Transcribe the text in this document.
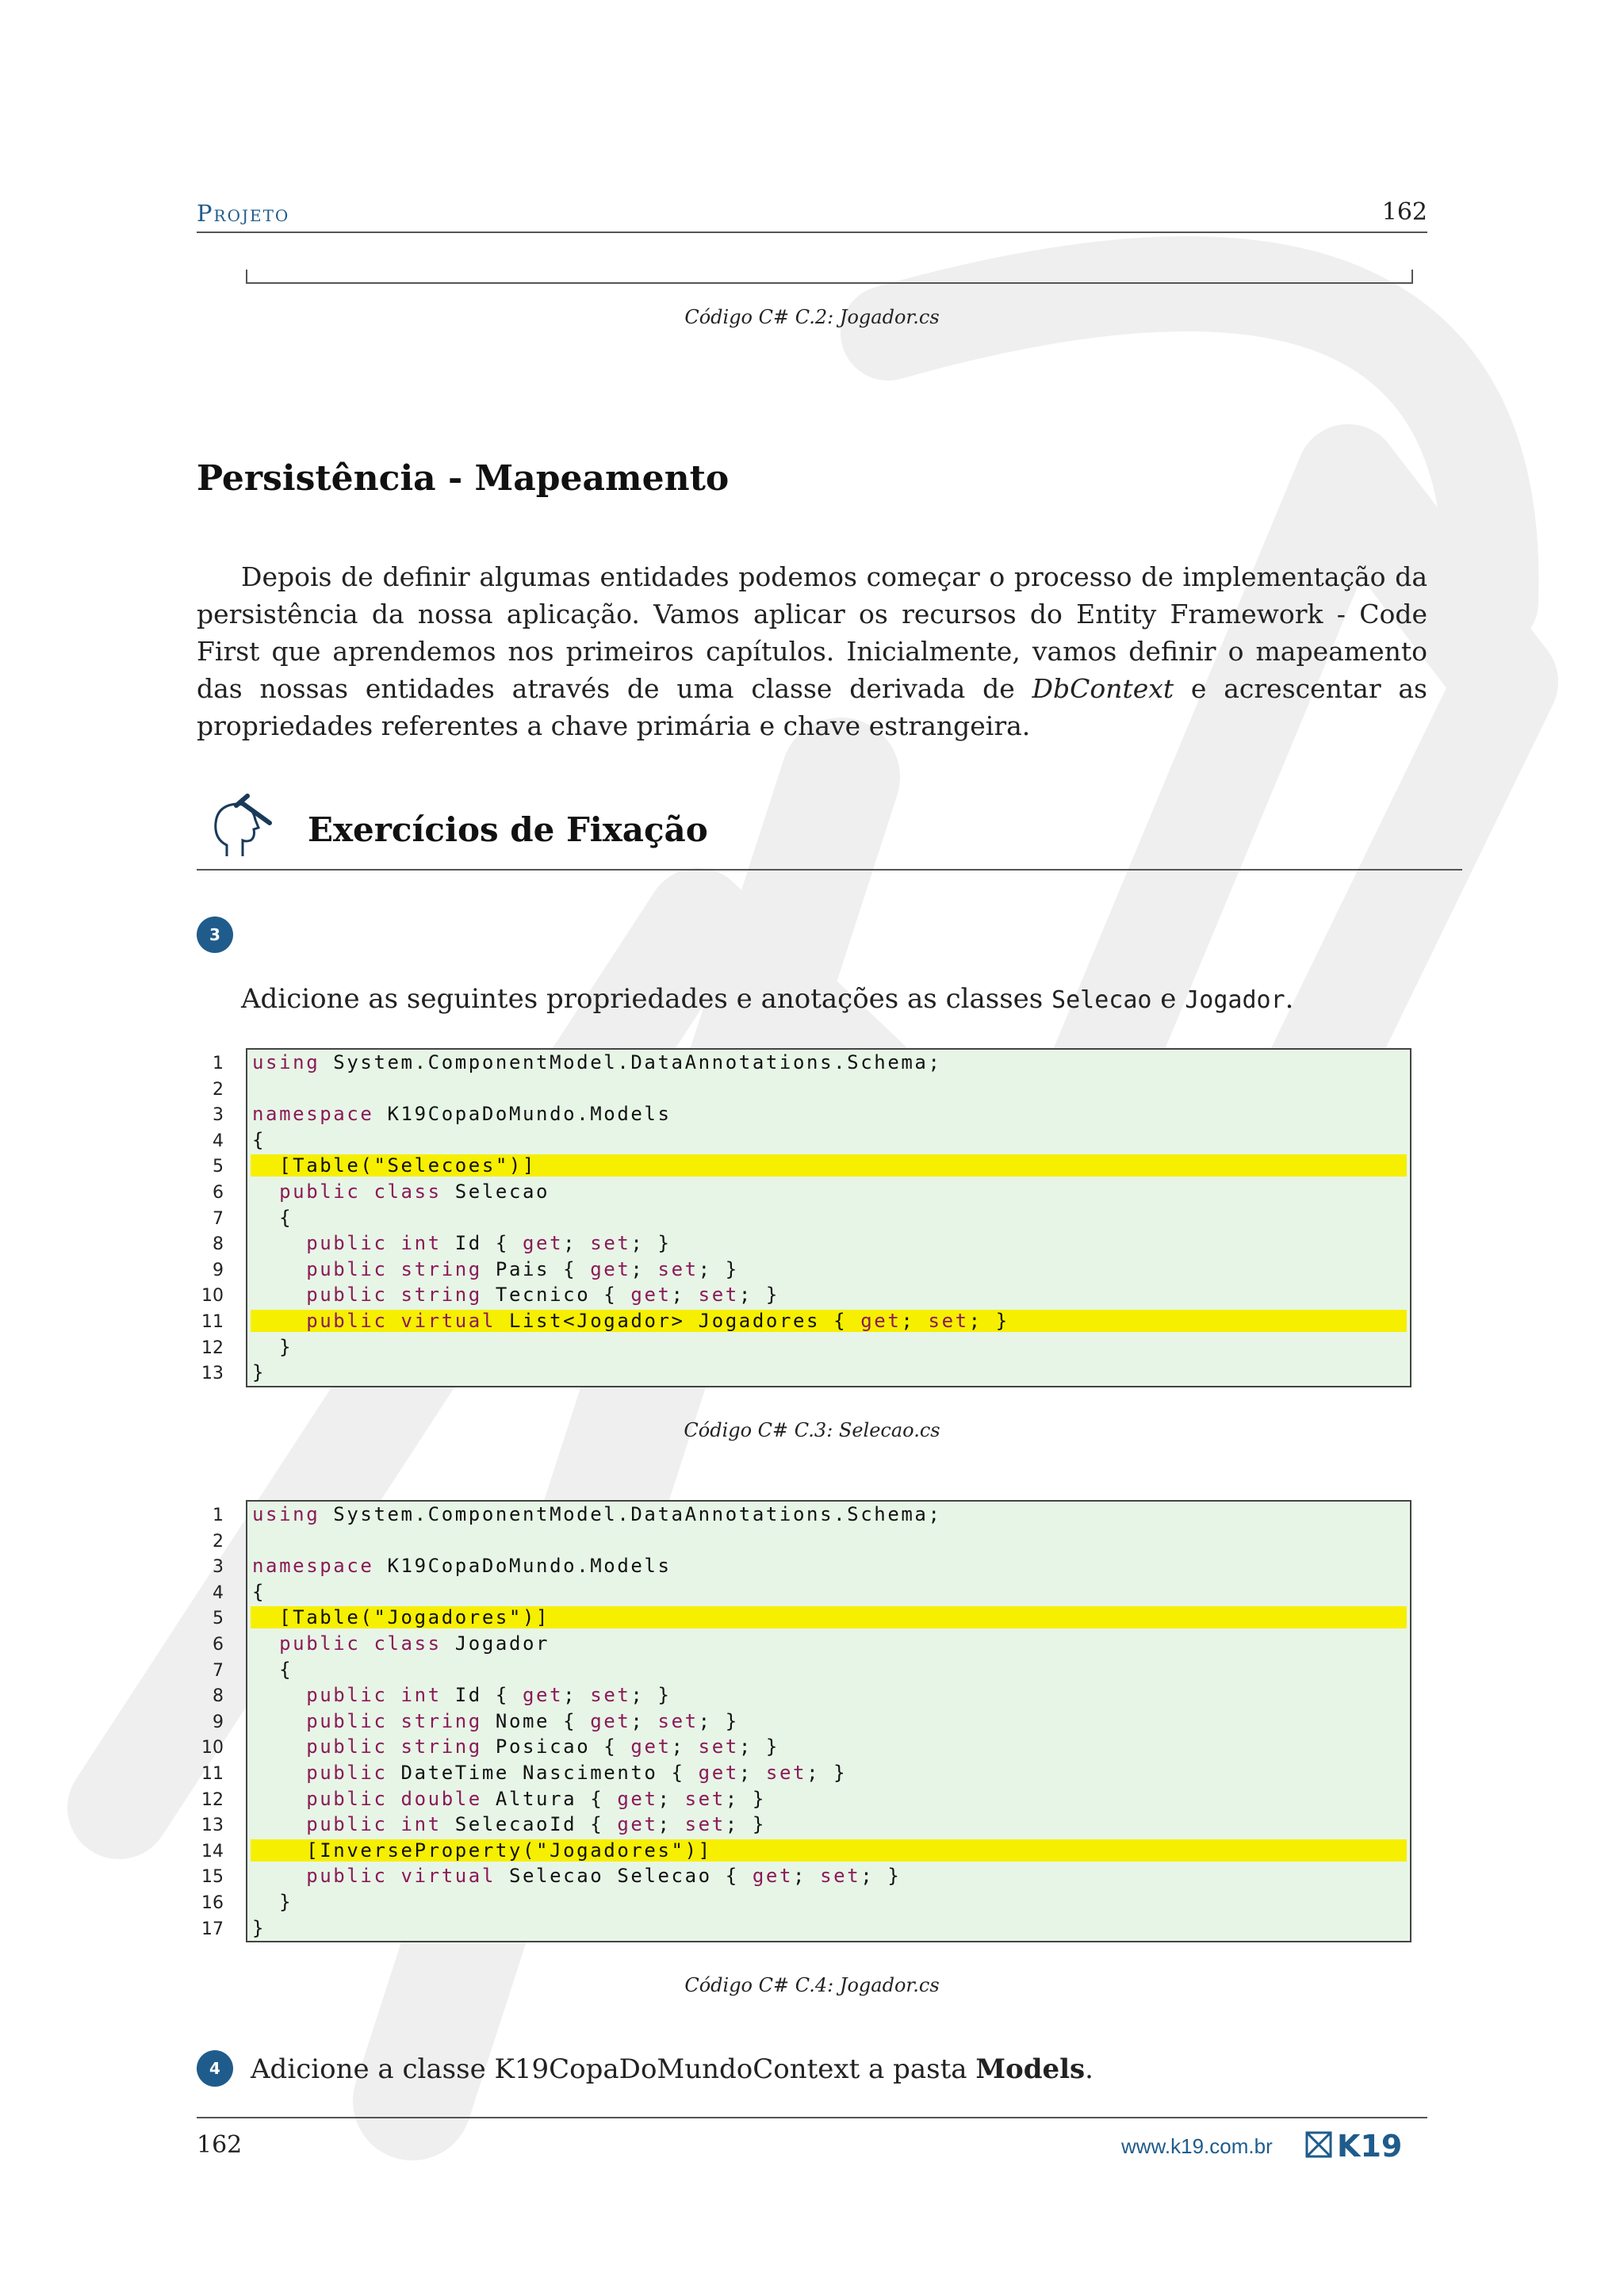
Projeto	162
Código C# C.2: Jogador.cs
Persistência - Mapeamento

Depois de definir algumas entidades podemos começar o processo de implementação da persistência da nossa aplicação. Vamos aplicar os recursos do Entity Framework - Code First que aprendemos nos primeiros capítulos. Inicialmente, vamos definir o mapeamento das nossas entidades através de uma classe derivada de DbContext e acrescentar as propriedades referentes a chave primária e chave estrangeira.

Exercícios de Fixação
3

Adicione as seguintes propriedades e anotações as classes Selecao e Jogador.

1 using System.ComponentModel.DataAnnotations.Schema;
2
3 namespace K19CopaDoMundo.Models
4 {
5 [Table("Selecoes")]
6	public class Selecao
7 {
8	public int Id { get; set; }
9	public string Pais { get; set; }
10	public string Tecnico { get; set; }
11	public virtual List<Jogador> Jogadores { get; set; }
12 }
13 }
Código C# C.3: Selecao.cs
1 using System.ComponentModel.DataAnnotations.Schema;
2
3 namespace K19CopaDoMundo.Models
4 {
5 [Table("Jogadores")]
6	public class Jogador
7 {
8	public int Id { get; set; }
9	public string Nome { get; set; }
10	public string Posicao { get; set; }
11	public DateTime Nascimento { get; set; }
12	public double Altura { get; set; }
13	public int SelecaoId { get; set; }
14 [InverseProperty("Jogadores")]
15	public virtual Selecao Selecao { get; set; }
16 }
17 }
Código C# C.4: Jogador.cs
4	Adicione a classe K19CopaDoMundoContext a pasta Models.

162	www.k19.com.br K19
